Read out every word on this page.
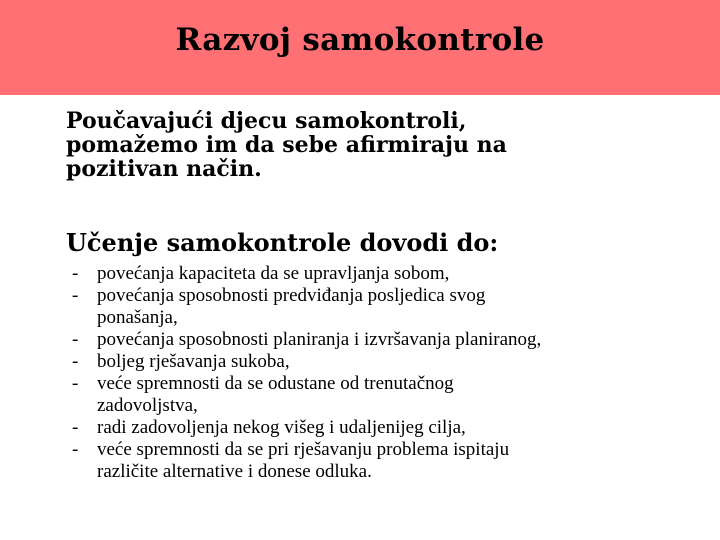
Razvoj samokontrole
Poučavajući djecu samokontroli,
pomažemo im da sebe afirmiraju na
pozitivan način.
Učenje samokontrole dovodi do:
- povećanja kapaciteta da se upravljanja sobom,
- povećanja sposobnosti predviđanja posljedica svog
ponašanja,
- povećanja sposobnosti planiranja i izvršavanja planiranog,
- boljeg rješavanja sukoba,
- veće spremnosti da se odustane od trenutačnog
zadovoljstva,
- radi zadovoljenja nekog višeg i udaljenijeg cilja,
- veće spremnosti da se pri rješavanju problema ispitaju
različite alternative i donese odluka.
